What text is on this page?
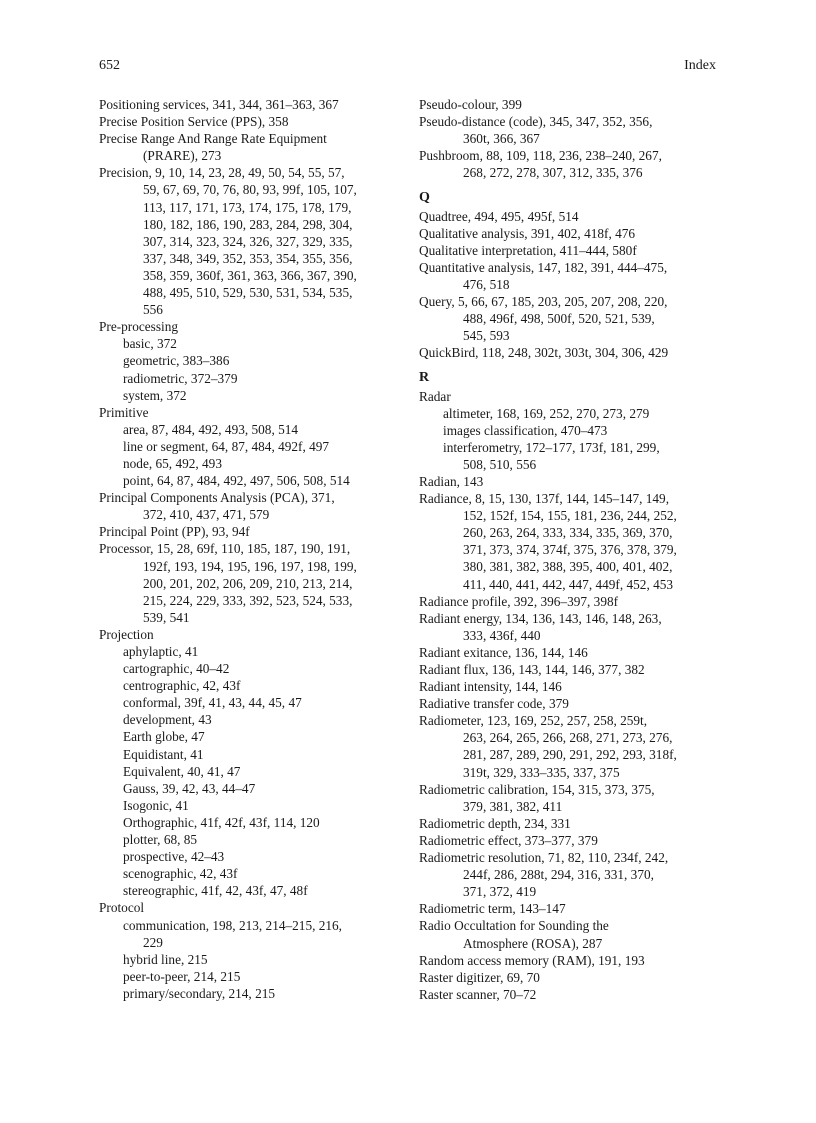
652	Index
Positioning services, 341, 344, 361–363, 367
Precise Position Service (PPS), 358
Precise Range And Range Rate Equipment
(PRARE), 273
Precision, 9, 10, 14, 23, 28, 49, 50, 54, 55, 57,
59, 67, 69, 70, 76, 80, 93, 99f, 105, 107,
113, 117, 171, 173, 174, 175, 178, 179,
180, 182, 186, 190, 283, 284, 298, 304,
307, 314, 323, 324, 326, 327, 329, 335,
337, 348, 349, 352, 353, 354, 355, 356,
358, 359, 360f, 361, 363, 366, 367, 390,
488, 495, 510, 529, 530, 531, 534, 535,
556
Pre-processing
basic, 372
geometric, 383–386
radiometric, 372–379
system, 372
Primitive
area, 87, 484, 492, 493, 508, 514
line or segment, 64, 87, 484, 492f, 497
node, 65, 492, 493
point, 64, 87, 484, 492, 497, 506, 508, 514
Principal Components Analysis (PCA), 371,
372, 410, 437, 471, 579
Principal Point (PP), 93, 94f
Processor, 15, 28, 69f, 110, 185, 187, 190, 191,
192f, 193, 194, 195, 196, 197, 198, 199,
200, 201, 202, 206, 209, 210, 213, 214,
215, 224, 229, 333, 392, 523, 524, 533,
539, 541
Projection
aphylaptic, 41
cartographic, 40–42
centrographic, 42, 43f
conformal, 39f, 41, 43, 44, 45, 47
development, 43
Earth globe, 47
Equidistant, 41
Equivalent, 40, 41, 47
Gauss, 39, 42, 43, 44–47
Isogonic, 41
Orthographic, 41f, 42f, 43f, 114, 120
plotter, 68, 85
prospective, 42–43
scenographic, 42, 43f
stereographic, 41f, 42, 43f, 47, 48f
Protocol
communication, 198, 213, 214–215, 216,
229
hybrid line, 215
peer-to-peer, 214, 215
primary/secondary, 214, 215
Pseudo-colour, 399
Pseudo-distance (code), 345, 347, 352, 356,
360t, 366, 367
Pushbroom, 88, 109, 118, 236, 238–240, 267,
268, 272, 278, 307, 312, 335, 376
Q
Quadtree, 494, 495, 495f, 514
Qualitative analysis, 391, 402, 418f, 476
Qualitative interpretation, 411–444, 580f
Quantitative analysis, 147, 182, 391, 444–475,
476, 518
Query, 5, 66, 67, 185, 203, 205, 207, 208, 220,
488, 496f, 498, 500f, 520, 521, 539,
545, 593
QuickBird, 118, 248, 302t, 303t, 304, 306, 429
R
Radar
altimeter, 168, 169, 252, 270, 273, 279
images classification, 470–473
interferometry, 172–177, 173f, 181, 299,
508, 510, 556
Radian, 143
Radiance, 8, 15, 130, 137f, 144, 145–147, 149,
152, 152f, 154, 155, 181, 236, 244, 252,
260, 263, 264, 333, 334, 335, 369, 370,
371, 373, 374, 374f, 375, 376, 378, 379,
380, 381, 382, 388, 395, 400, 401, 402,
411, 440, 441, 442, 447, 449f, 452, 453
Radiance profile, 392, 396–397, 398f
Radiant energy, 134, 136, 143, 146, 148, 263,
333, 436f, 440
Radiant exitance, 136, 144, 146
Radiant flux, 136, 143, 144, 146, 377, 382
Radiant intensity, 144, 146
Radiative transfer code, 379
Radiometer, 123, 169, 252, 257, 258, 259t,
263, 264, 265, 266, 268, 271, 273, 276,
281, 287, 289, 290, 291, 292, 293, 318f,
319t, 329, 333–335, 337, 375
Radiometric calibration, 154, 315, 373, 375,
379, 381, 382, 411
Radiometric depth, 234, 331
Radiometric effect, 373–377, 379
Radiometric resolution, 71, 82, 110, 234f, 242,
244f, 286, 288t, 294, 316, 331, 370,
371, 372, 419
Radiometric term, 143–147
Radio Occultation for Sounding the
Atmosphere (ROSA), 287
Random access memory (RAM), 191, 193
Raster digitizer, 69, 70
Raster scanner, 70–72
